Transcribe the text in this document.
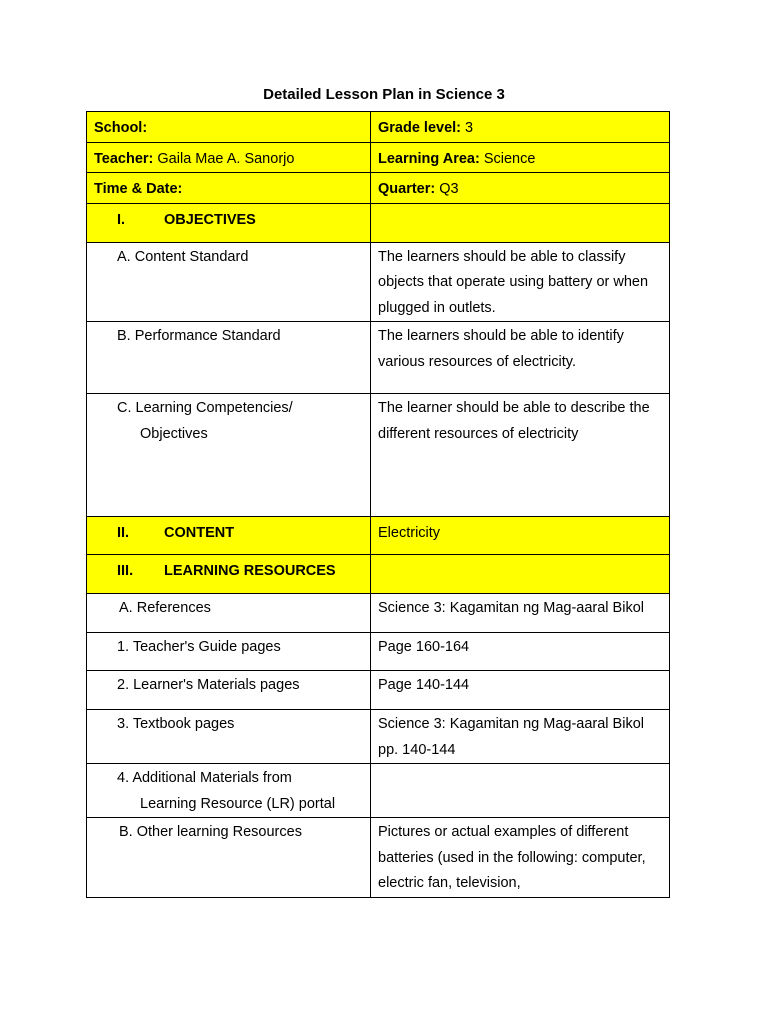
Detailed Lesson Plan in Science 3
School:	Grade level: 3
Teacher: Gaila Mae A. Sanorjo	Learning Area: Science
Time & Date:	Quarter: Q3
I. OBJECTIVES	
A. Content Standard	The learners should be able to classify objects that operate using battery or when plugged in outlets.
B. Performance Standard	The learners should be able to identify various resources of electricity.
C. Learning Competencies/
Objectives	The learner should be able to describe the different resources of electricity
II. CONTENT	Electricity
III. LEARNING RESOURCES	
A. References	Science 3: Kagamitan ng Mag-aaral Bikol
1. Teacher's Guide pages	Page 160-164
2. Learner's Materials pages	Page 140-144
3. Textbook pages	Science 3: Kagamitan ng Mag-aaral Bikol pp. 140-144
4. Additional Materials from
Learning Resource (LR) portal	

B. Other learning Resources	Pictures or actual examples of different batteries (used in the following: computer, electric fan, television,
